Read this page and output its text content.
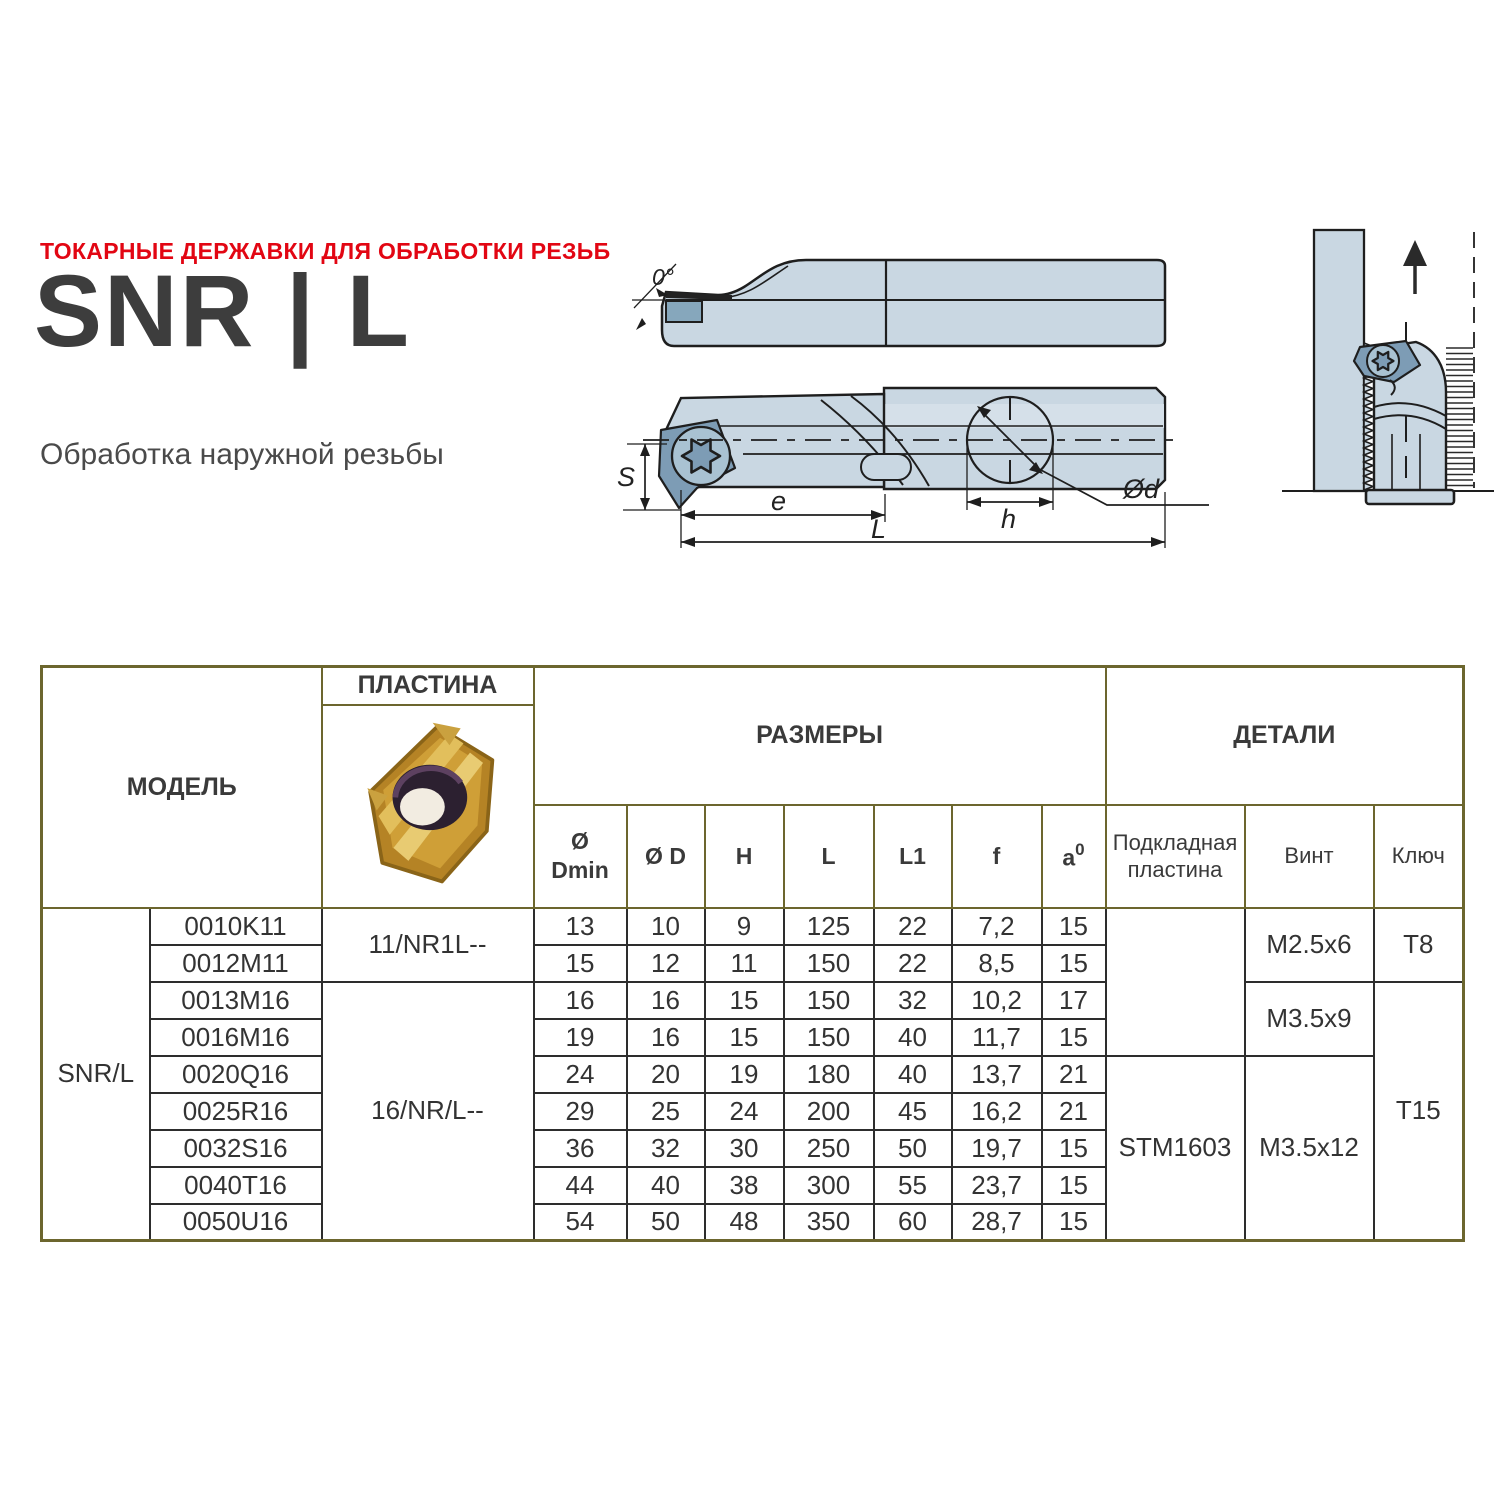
ТОКАРНЫЕ ДЕРЖАВКИ ДЛЯ ОБРАБОТКИ РЕЗЬБ
SNR | L
Обработка наружной резьбы
0°
Ød
h
S
e
L
МОДЕЛЬ		ПЛАСТИНА	РАЗМЕРЫ							ДЕТАЛИ		

			Ø
Dmin	Ø D	H	L	L1	f	$a^0$	Подкладная
пластина	Винт	Ключ
SNR/L	0010K11	11/NR1L--	13	10	9	125	22	7,2	15		M2.5x6	T8
	0012M11		15	12	11	150	22	8,5	15			
	0013M16	16/NR/L--	16	16	15	150	32	10,2	17		M3.5x9	T15
	0016M16		19	16	15	150	40	11,7	15			
	0020Q16		24	20	19	180	40	13,7	21	STM1603	M3.5x12	
	0025R16		29	25	24	200	45	16,2	21			
	0032S16		36	32	30	250	50	19,7	15			
	0040T16		44	40	38	300	55	23,7	15			
	0050U16		54	50	48	350	60	28,7	15			
